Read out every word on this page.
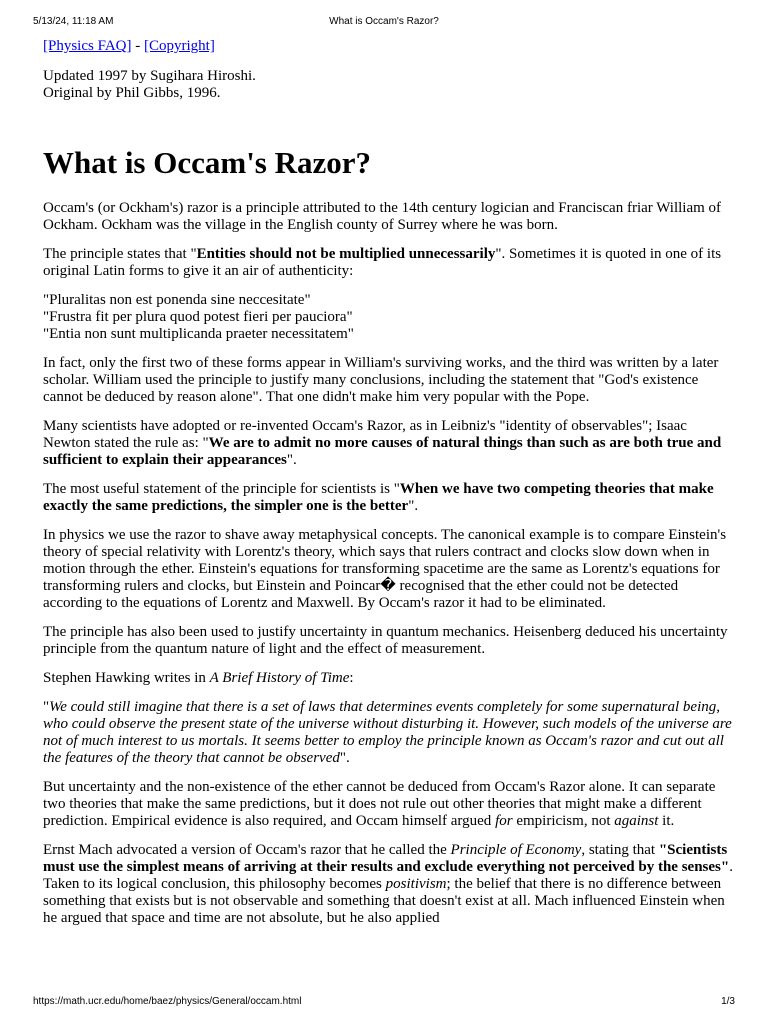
5/13/24, 11:18 AM	What is Occam's Razor?

[Physics FAQ] - [Copyright]

Updated 1997 by Sugihara Hiroshi.
Original by Phil Gibbs, 1996.

What is Occam's Razor?

Occam's (or Ockham's) razor is a principle attributed to the 14th century logician and Franciscan friar William of Ockham. Ockham was the village in the English county of Surrey where he was born.

The principle states that "Entities should not be multiplied unnecessarily". Sometimes it is quoted in one of its original Latin forms to give it an air of authenticity:

"Pluralitas non est ponenda sine neccesitate"
"Frustra fit per plura quod potest fieri per pauciora"
"Entia non sunt multiplicanda praeter necessitatem"

In fact, only the first two of these forms appear in William's surviving works, and the third was written by a later scholar. William used the principle to justify many conclusions, including the statement that "God's existence cannot be deduced by reason alone". That one didn't make him very popular with the Pope.

Many scientists have adopted or re-invented Occam's Razor, as in Leibniz's "identity of observables"; Isaac Newton stated the rule as: "We are to admit no more causes of natural things than such as are both true and sufficient to explain their appearances".

The most useful statement of the principle for scientists is "When we have two competing theories that make exactly the same predictions, the simpler one is the better".

In physics we use the razor to shave away metaphysical concepts. The canonical example is to compare Einstein's theory of special relativity with Lorentz's theory, which says that rulers contract and clocks slow down when in motion through the ether. Einstein's equations for transforming spacetime are the same as Lorentz's equations for transforming rulers and clocks, but Einstein and Poincar� recognised that the ether could not be detected according to the equations of Lorentz and Maxwell. By Occam's razor it had to be eliminated.

The principle has also been used to justify uncertainty in quantum mechanics. Heisenberg deduced his uncertainty principle from the quantum nature of light and the effect of measurement.

Stephen Hawking writes in A Brief History of Time:

"We could still imagine that there is a set of laws that determines events completely for some supernatural being, who could observe the present state of the universe without disturbing it. However, such models of the universe are not of much interest to us mortals. It seems better to employ the principle known as Occam's razor and cut out all the features of the theory that cannot be observed".

But uncertainty and the non-existence of the ether cannot be deduced from Occam's Razor alone. It can separate two theories that make the same predictions, but it does not rule out other theories that might make a different prediction. Empirical evidence is also required, and Occam himself argued for empiricism, not against it.

Ernst Mach advocated a version of Occam's razor that he called the Principle of Economy, stating that "Scientists must use the simplest means of arriving at their results and exclude everything not perceived by the senses". Taken to its logical conclusion, this philosophy becomes positivism; the belief that there is no difference between something that exists but is not observable and something that doesn't exist at all. Mach influenced Einstein when he argued that space and time are not absolute, but he also applied

https://math.ucr.edu/home/baez/physics/General/occam.html	1/3
